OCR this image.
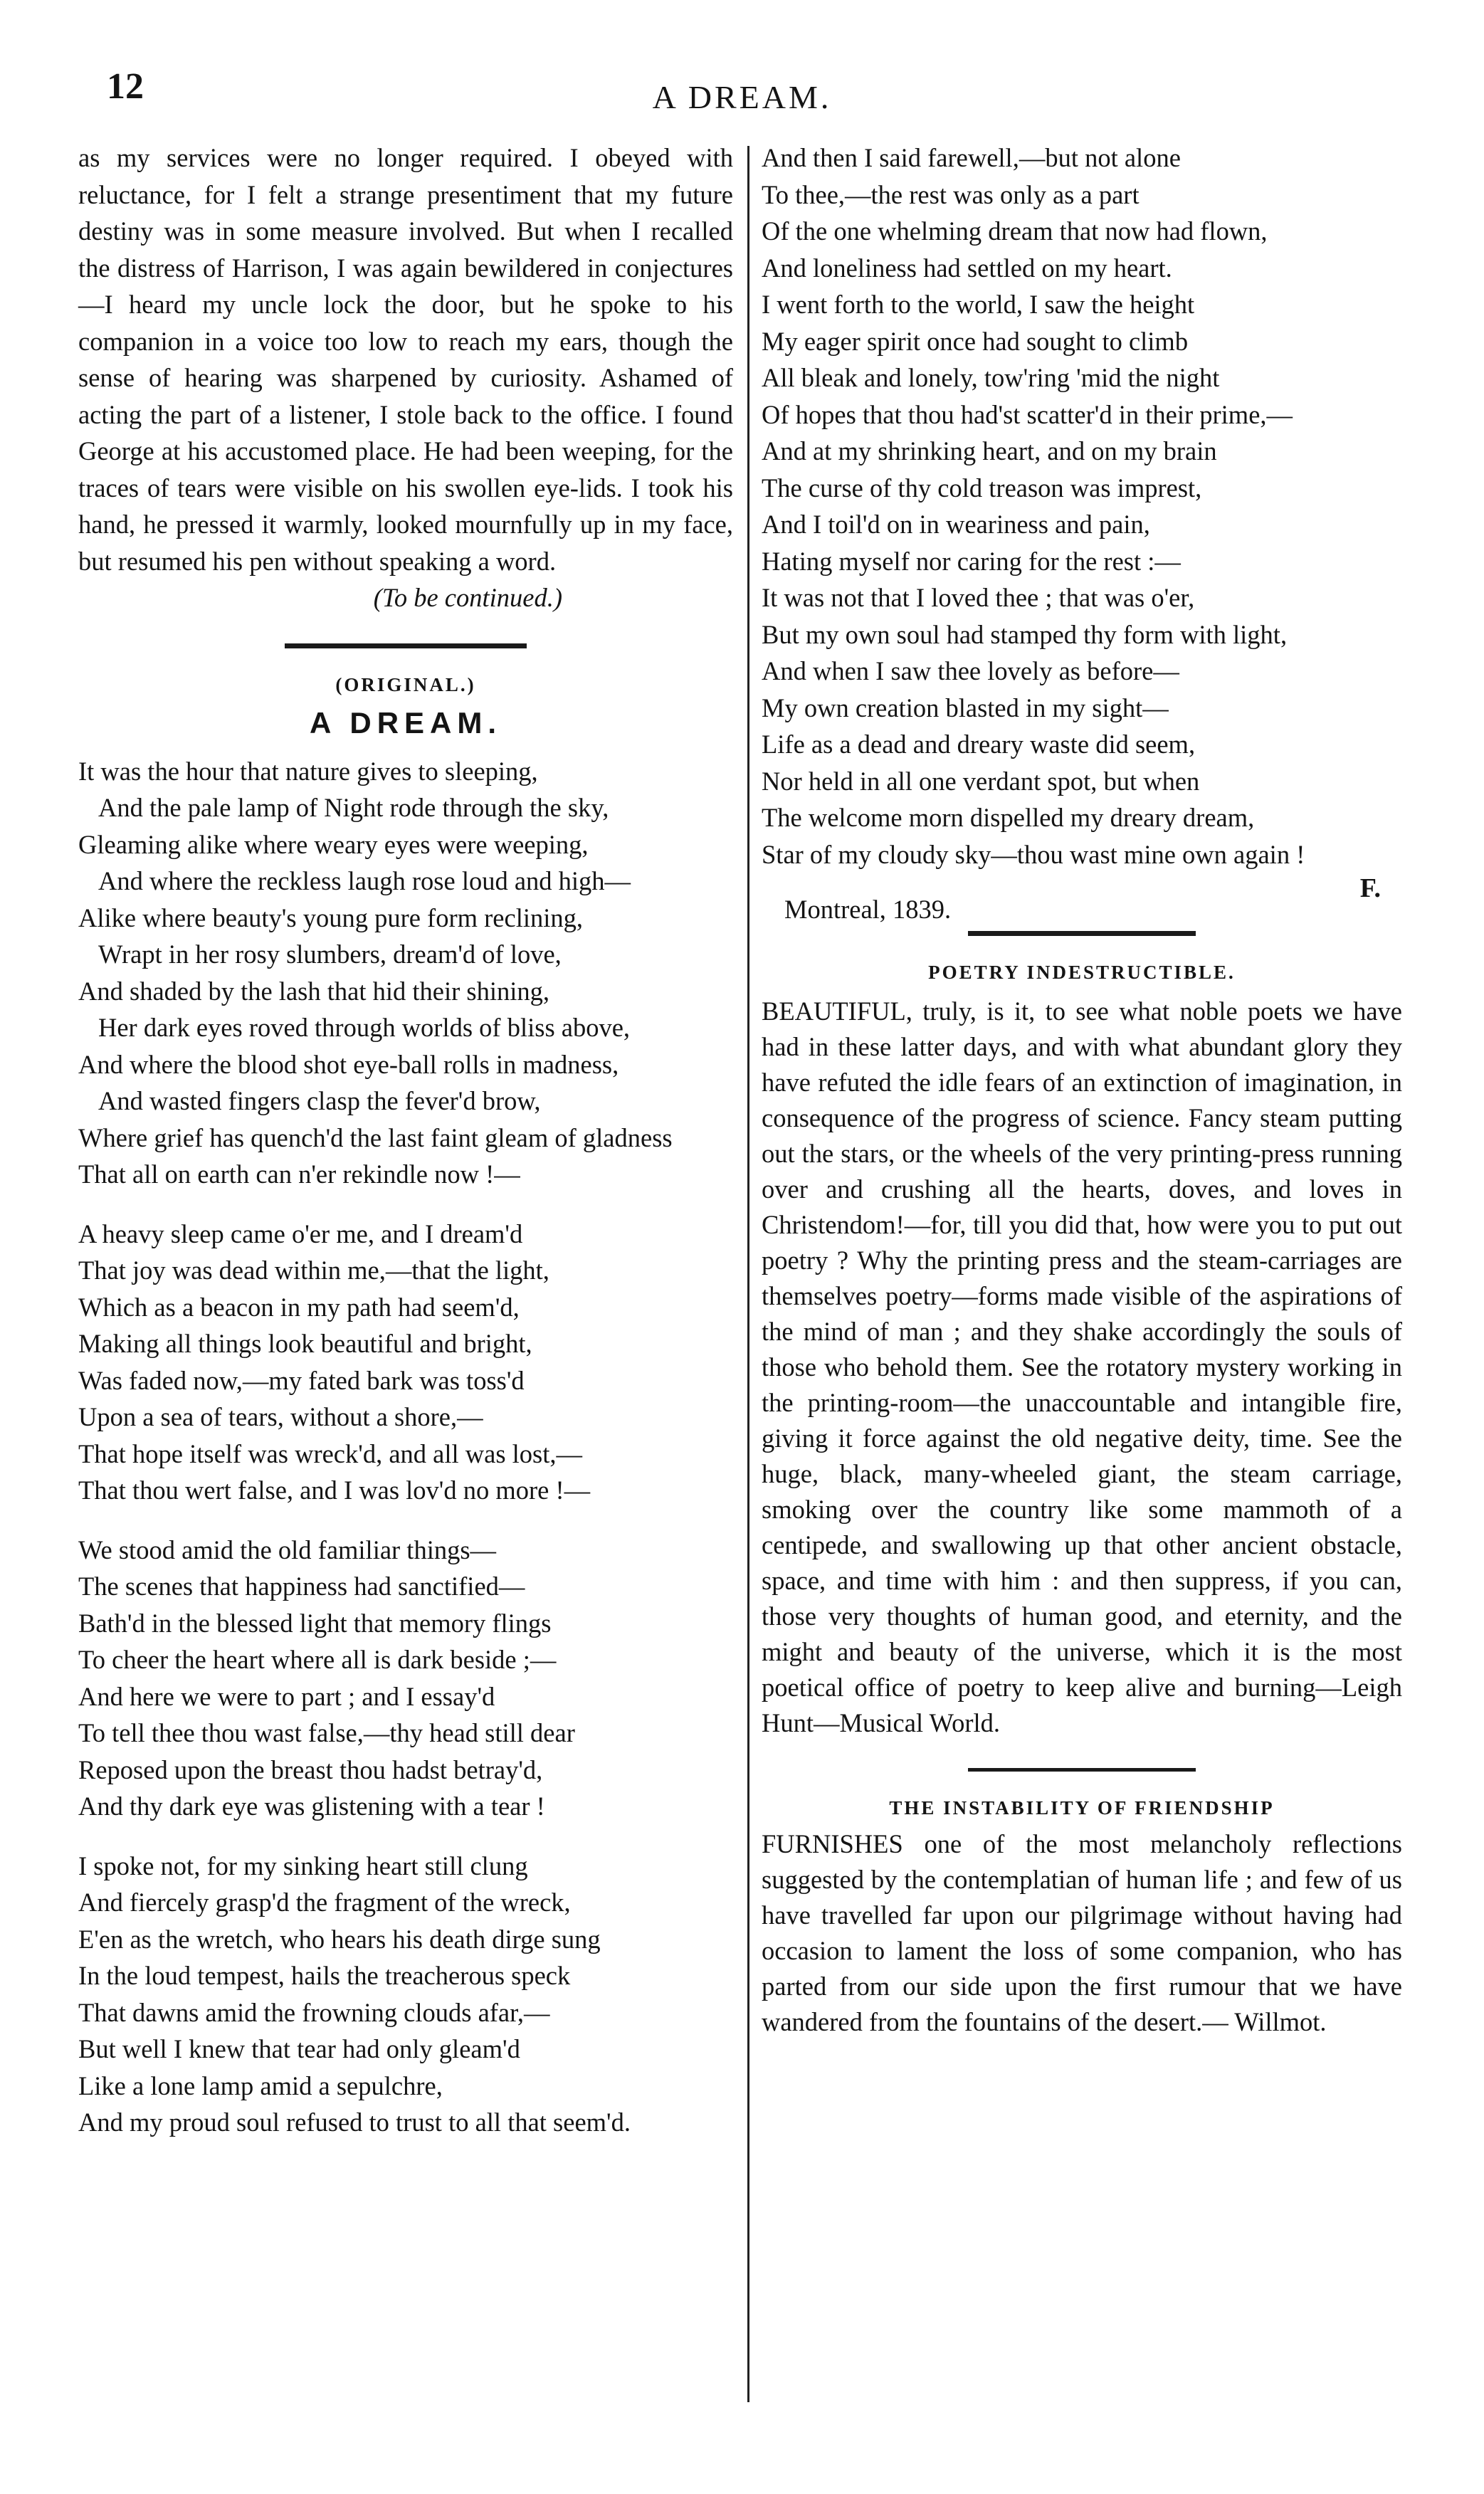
12	A DREAM.

as my services were no longer required. I obeyed with reluctance, for I felt a strange presentiment that my future destiny was in some measure involved. But when I recalled the distress of Harrison, I was again bewildered in conjectures—I heard my uncle lock the door, but he spoke to his companion in a voice too low to reach my ears, though the sense of hearing was sharpened by curiosity. Ashamed of acting the part of a listener, I stole back to the office. I found George at his accustomed place. He had been weeping, for the traces of tears were visible on his swollen eye-lids. I took his hand, he pressed it warmly, looked mournfully up in my face, but resumed his pen without speaking a word.

(To be continued.)

(ORIGINAL.)

A DREAM.

It was the hour that nature gives to sleeping,

And the pale lamp of Night rode through the sky,

Gleaming alike where weary eyes were weeping,

And where the reckless laugh rose loud and high—

Alike where beauty's young pure form reclining,

Wrapt in her rosy slumbers, dream'd of love,

And shaded by the lash that hid their shining,

Her dark eyes roved through worlds of bliss above,

And where the blood shot eye-ball rolls in madness,

And wasted fingers clasp the fever'd brow,

Where grief has quench'd the last faint gleam of gladness

That all on earth can n'er rekindle now !—

A heavy sleep came o'er me, and I dream'd

That joy was dead within me,—that the light,

Which as a beacon in my path had seem'd,

Making all things look beautiful and bright,

Was faded now,—my fated bark was toss'd

Upon a sea of tears, without a shore,—

That hope itself was wreck'd, and all was lost,—

That thou wert false, and I was lov'd no more !—

We stood amid the old familiar things—

The scenes that happiness had sanctified—

Bath'd in the blessed light that memory flings

To cheer the heart where all is dark beside ;—

And here we were to part ; and I essay'd

To tell thee thou wast false,—thy head still dear

Reposed upon the breast thou hadst betray'd,

And thy dark eye was glistening with a tear !

I spoke not, for my sinking heart still clung

And fiercely grasp'd the fragment of the wreck,

E'en as the wretch, who hears his death dirge sung

In the loud tempest, hails the treacherous speck

That dawns amid the frowning clouds afar,—

But well I knew that tear had only gleam'd

Like a lone lamp amid a sepulchre,

And my proud soul refused to trust to all that seem'd.

And then I said farewell,—but not alone

To thee,—the rest was only as a part

Of the one whelming dream that now had flown,

And loneliness had settled on my heart.

I went forth to the world, I saw the height

My eager spirit once had sought to climb

All bleak and lonely, tow'ring 'mid the night

Of hopes that thou had'st scatter'd in their prime,—

And at my shrinking heart, and on my brain

The curse of thy cold treason was imprest,

And I toil'd on in weariness and pain,

Hating myself nor caring for the rest :—

It was not that I loved thee ; that was o'er,

But my own soul had stamped thy form with light,

And when I saw thee lovely as before—

My own creation blasted in my sight—

Life as a dead and dreary waste did seem,

Nor held in all one verdant spot, but when

The welcome morn dispelled my dreary dream,

Star of my cloudy sky—thou wast mine own again !

Montreal, 1839.

F.

POETRY INDESTRUCTIBLE.

BEAUTIFUL, truly, is it, to see what noble poets we have had in these latter days, and with what abundant glory they have refuted the idle fears of an extinction of imagination, in consequence of the progress of science. Fancy steam putting out the stars, or the wheels of the very printing-press running over and crushing all the hearts, doves, and loves in Christendom!—for, till you did that, how were you to put out poetry ? Why the printing press and the steam-carriages are themselves poetry—forms made visible of the aspirations of the mind of man ; and they shake accordingly the souls of those who behold them. See the rotatory mystery working in the printing-room—the unaccountable and intangible fire, giving it force against the old negative deity, time. See the huge, black, many-wheeled giant, the steam carriage, smoking over the country like some mammoth of a centipede, and swallowing up that other ancient obstacle, space, and time with him : and then suppress, if you can, those very thoughts of human good, and eternity, and the might and beauty of the universe, which it is the most poetical office of poetry to keep alive and burning—Leigh Hunt—Musical World.

THE INSTABILITY OF FRIENDSHIP

FURNISHES one of the most melancholy reflections suggested by the contemplatian of human life ; and few of us have travelled far upon our pilgrimage without having had occasion to lament the loss of some companion, who has parted from our side upon the first rumour that we have wandered from the fountains of the desert.— Willmot.
